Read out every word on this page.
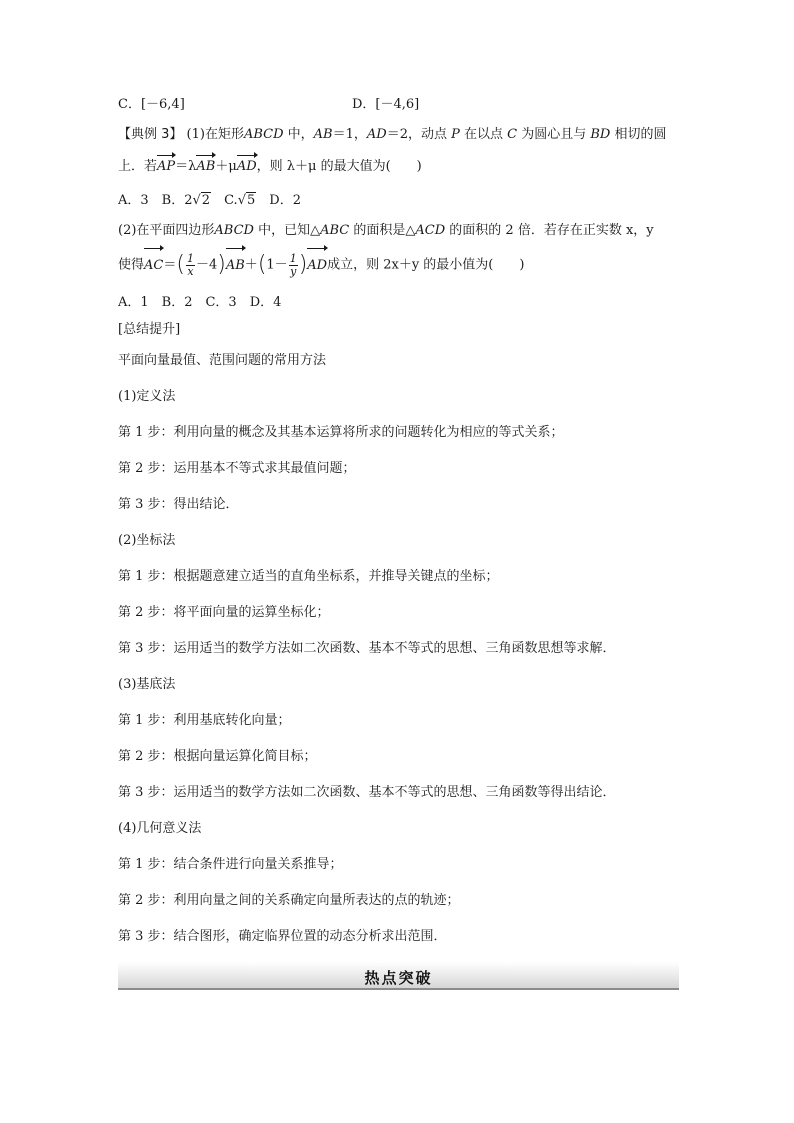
C．[－6,4]	D．[－4,6]
【典例 3】 (1)在矩形ABCD 中，AB＝1，AD＝2，动点 P 在以点 C 为圆心且与 BD 相切的圆
上．若AP＝λAB＋μAD，则 λ＋μ 的最大值为(　　)
A．3　B．2√2　C.√5　D．2
(2)在平面四边形ABCD 中，已知△ABC 的面积是△ACD 的面积的 2 倍．若存在正实数 x，y
使得$AC=( \frac{1}{x} -4)AB+(1- \frac{1}{y} )AD$成立，则 2x＋y 的最小值为(　　)
A．1　B．2　C．3　D．4
[总结提升]
平面向量最值、范围问题的常用方法
(1)定义法
第 1 步：利用向量的概念及其基本运算将所求的问题转化为相应的等式关系；
第 2 步：运用基本不等式求其最值问题；
第 3 步：得出结论．
(2)坐标法
第 1 步：根据题意建立适当的直角坐标系，并推导关键点的坐标；
第 2 步：将平面向量的运算坐标化；
第 3 步：运用适当的数学方法如二次函数、基本不等式的思想、三角函数思想等求解．
(3)基底法
第 1 步：利用基底转化向量；
第 2 步：根据向量运算化简目标；
第 3 步：运用适当的数学方法如二次函数、基本不等式的思想、三角函数等得出结论．
(4)几何意义法
第 1 步：结合条件进行向量关系推导；
第 2 步：利用向量之间的关系确定向量所表达的点的轨迹；
第 3 步：结合图形，确定临界位置的动态分析求出范围．
热点突破
